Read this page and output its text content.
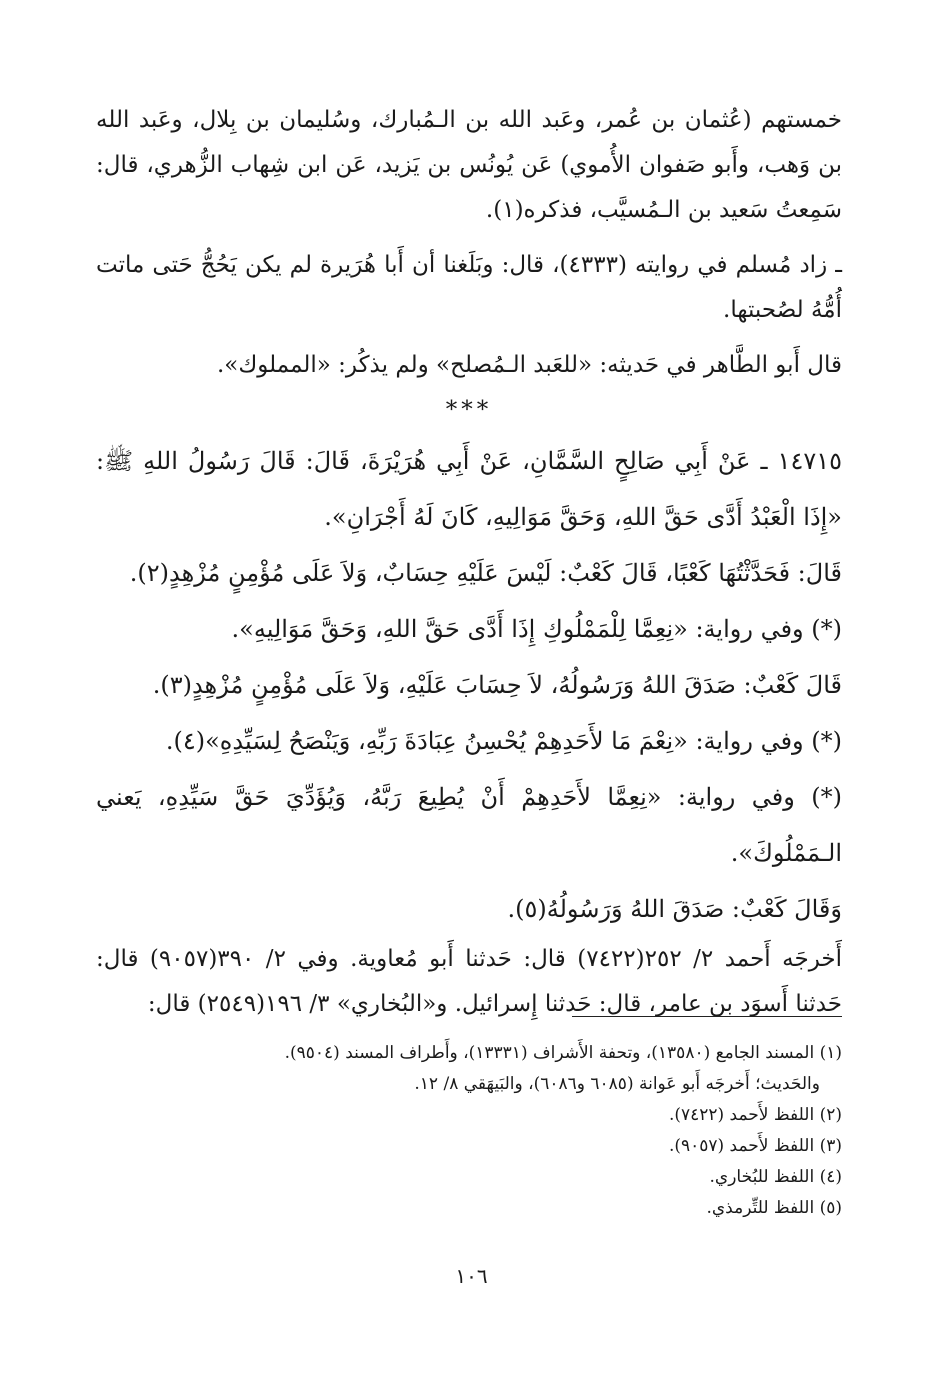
خمستهم (عُثمان بن عُمر، وعَبد الله بن الـمُبارك، وسُليمان بن بِلال، وعَبد الله بن وَهب، وأَبو صَفوان الأُموي) عَن يُونُس بن يَزيد، عَن ابن شِهاب الزُّهري، قال: سَمِعتُ سَعيد بن الـمُسيَّب، فذكره(١).

ـ زاد مُسلم في روايته (٤٣٣٣)، قال: وبَلَغنا أن أَبا هُرَيرة لم يكن يَحُجُّ حَتى ماتت أُمُّهُ لصُحبتها.

قال أَبو الطَّاهر في حَديثه: «للعَبد الـمُصلح» ولم يذكُر: «المملوك».

***

١٤٧١٥ ـ عَنْ أَبِي صَالِحٍ السَّمَّانِ، عَنْ أَبِي هُرَيْرَةَ، قَالَ: قَالَ رَسُولُ اللهِ ﷺ: «إِذَا الْعَبْدُ أَدَّى حَقَّ اللهِ، وَحَقَّ مَوَالِيهِ، كَانَ لَهُ أَجْرَانِ».

قَالَ: فَحَدَّثْتُهَا كَعْبًا، قَالَ كَعْبٌ: لَيْسَ عَلَيْهِ حِسَابٌ، وَلاَ عَلَى مُؤْمِنٍ مُزْهِدٍ(٢).

(*) وفي رواية: «نِعِمَّا لِلْمَمْلُوكِ إِذَا أَدَّى حَقَّ اللهِ، وَحَقَّ مَوَالِيهِ».

قَالَ كَعْبٌ: صَدَقَ اللهُ وَرَسُولُهُ، لاَ حِسَابَ عَلَيْهِ، وَلاَ عَلَى مُؤْمِنٍ مُزْهِدٍ(٣).

(*) وفي رواية: «نِعْمَ مَا لأَحَدِهِمْ يُحْسِنُ عِبَادَةَ رَبِّهِ، وَيَنْصَحُ لِسَيِّدِهِ»(٤).

(*) وفي رواية: «نِعِمَّا لأَحَدِهِمْ أَنْ يُطِيعَ رَبَّهُ، وَيُؤَدِّيَ حَقَّ سَيِّدِهِ، يَعني الـمَمْلُوكَ».

وَقَالَ كَعْبٌ: صَدَقَ اللهُ وَرَسُولُهُ(٥).

أَخرجَه أَحمد ٢/ ٢٥٢(٧٤٢٢) قال: حَدثنا أَبو مُعاوية. وفي ٢/ ٣٩٠(٩٠٥٧) قال: حَدثنا أَسوَد بن عامر، قال: حَدثنا إِسرائيل. و«البُخاري» ٣/ ١٩٦(٢٥٤٩) قال:

(١) المسند الجامع (١٣٥٨٠)، وتحفة الأَشراف (١٣٣٣١)، وأَطراف المسند (٩٥٠٤).

والحَديث؛ أَخرجَه أَبو عَوانة (٦٠٨٥ و٦٠٨٦)، والبَيهَقي ٨/ ١٢.

(٢) اللفظ لأَحمد (٧٤٢٢).

(٣) اللفظ لأَحمد (٩٠٥٧).

(٤) اللفظ للبُخاري.

(٥) اللفظ للتِّرمذي.

١٠٦
